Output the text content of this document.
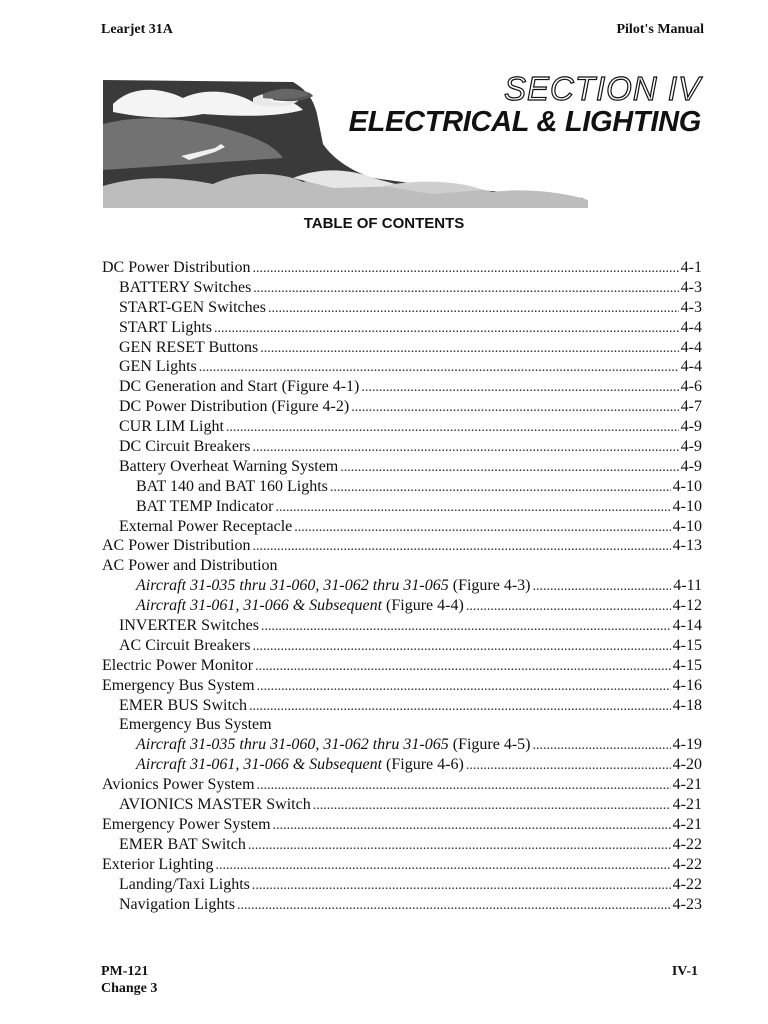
Learjet 31A	Pilot's Manual
SECTION IV
ELECTRICAL & LIGHTING
TABLE OF CONTENTS
DC Power Distribution .....	4-1
BATTERY Switches .....	4-3
START-GEN Switches .....	4-3
START Lights .....	4-4
GEN RESET Buttons .....	4-4
GEN Lights .....	4-4
DC Generation and Start (Figure 4-1) .....	4-6
DC Power Distribution (Figure 4-2) .....	4-7
CUR LIM Light .....	4-9
DC Circuit Breakers .....	4-9
Battery Overheat Warning System .....	4-9
BAT 140 and BAT 160 Lights .....	4-10
BAT TEMP Indicator .....	4-10
External Power Receptacle .....	4-10
AC Power Distribution .....	4-13
AC Power and Distribution
Aircraft 31-035 thru 31-060, 31-062 thru 31-065 (Figure 4-3) .....	4-11
Aircraft 31-061, 31-066 & Subsequent (Figure 4-4) .....	4-12
INVERTER Switches .....	4-14
AC Circuit Breakers .....	4-15
Electric Power Monitor .....	4-15
Emergency Bus System .....	4-16
EMER BUS Switch .....	4-18
Emergency Bus System
Aircraft 31-035 thru 31-060, 31-062 thru 31-065 (Figure 4-5) .....	4-19
Aircraft 31-061, 31-066 & Subsequent (Figure 4-6) .....	4-20
Avionics Power System .....	4-21
AVIONICS MASTER Switch .....	4-21
Emergency Power System .....	4-21
EMER BAT Switch .....	4-22
Exterior Lighting .....	4-22
Landing/Taxi Lights .....	4-22
Navigation Lights .....	4-23
PM-121
Change 3
IV-1
